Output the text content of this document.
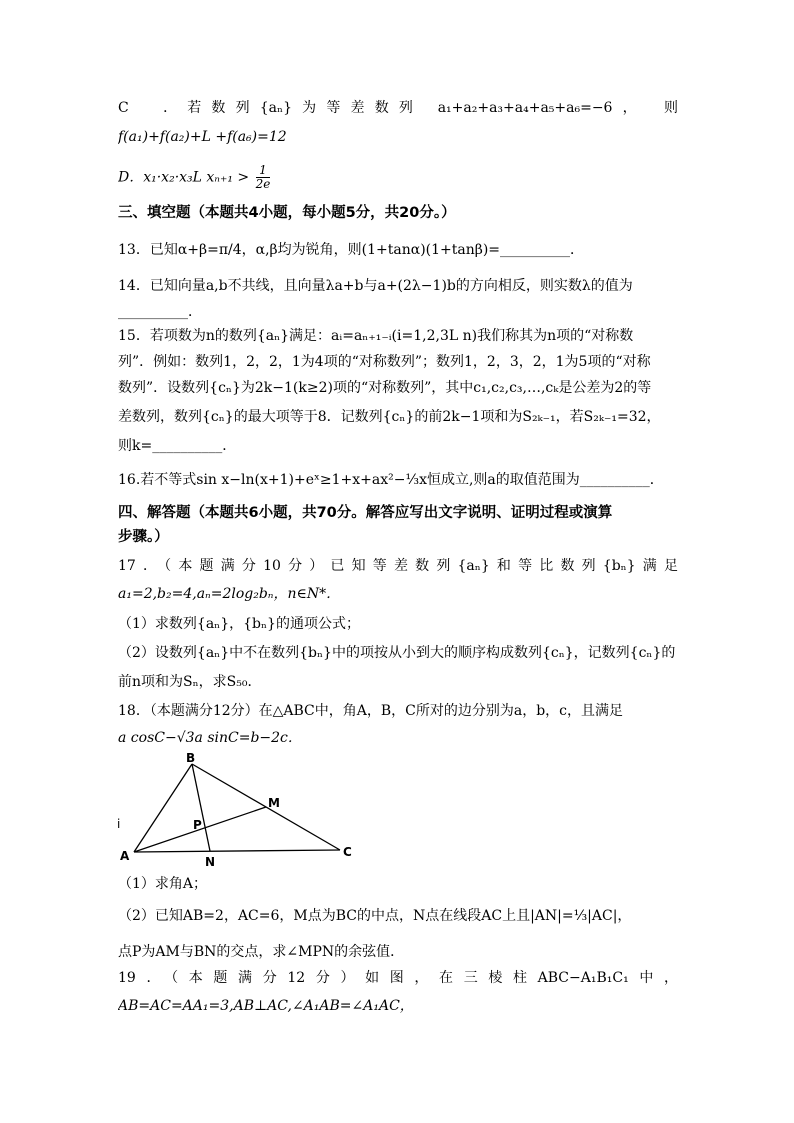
C　．若数列{aₙ}为等差数列 a₁+a₂+a₃+a₄+a₅+a₆=−6，　则
f(a₁)+f(a₂)+L +f(a₆)=12
D．x₁·x₂·x₃L $x_{n+1} > \frac{1}{2e}$
三、填空题（本题共4小题，每小题5分，共20分。）
13．已知α+β=π/4，α,β均为锐角，则(1+tanα)(1+tanβ)=__________．
14．已知向量a,b不共线，且向量λa+b与a+(2λ−1)b的方向相反，则实数λ的值为
__________．
15．若项数为n的数列{aₙ}满足：aᵢ=aₙ₊₁₋ᵢ(i=1,2,3L n)我们称其为n项的“对称数
列”．例如：数列1，2，2，1为4项的“对称数列”；数列1，2，3，2，1为5项的“对称
数列”．设数列{cₙ}为2k−1(k≥2)项的“对称数列”，其中c₁,c₂,c₃,…,cₖ是公差为2的等
差数列，数列{cₙ}的最大项等于8．记数列{cₙ}的前2k−1项和为S₂ₖ₋₁，若S₂ₖ₋₁=32，
则k=__________．
16.若不等式sin x−ln(x+1)+eˣ≥1+x+ax²−⅓x恒成立,则a的取值范围为__________．
四、解答题（本题共6小题，共70分。解答应写出文字说明、证明过程或演算
步骤。）
17．（本题满分10分）已知等差数列{aₙ}和等比数列{bₙ}满足
a₁=2,b₂=4,aₙ=2log₂bₙ，n∈N*．
（1）求数列{aₙ}，{bₙ}的通项公式；
（2）设数列{aₙ}中不在数列{bₙ}中的项按从小到大的顺序构成数列{cₙ}，记数列{cₙ}的
前n项和为Sₙ，求S₅₀．
18．（本题满分12分）在△ABC中，角A，B，C所对的边分别为a，b，c，且满足
a cosC−√3a sinC=b−2c．
B
M
P
A	N
C
i
（1）求角A；
（2）已知AB=2，AC=6，M点为BC的中点，N点在线段AC上且|AN|=⅓|AC|，
点P为AM与BN的交点，求∠MPN的余弦值．
19．（本题满分12分）如图，在三棱柱ABC−A₁B₁C₁中，
AB=AC=AA₁=3,AB⊥AC,∠A₁AB=∠A₁AC，
